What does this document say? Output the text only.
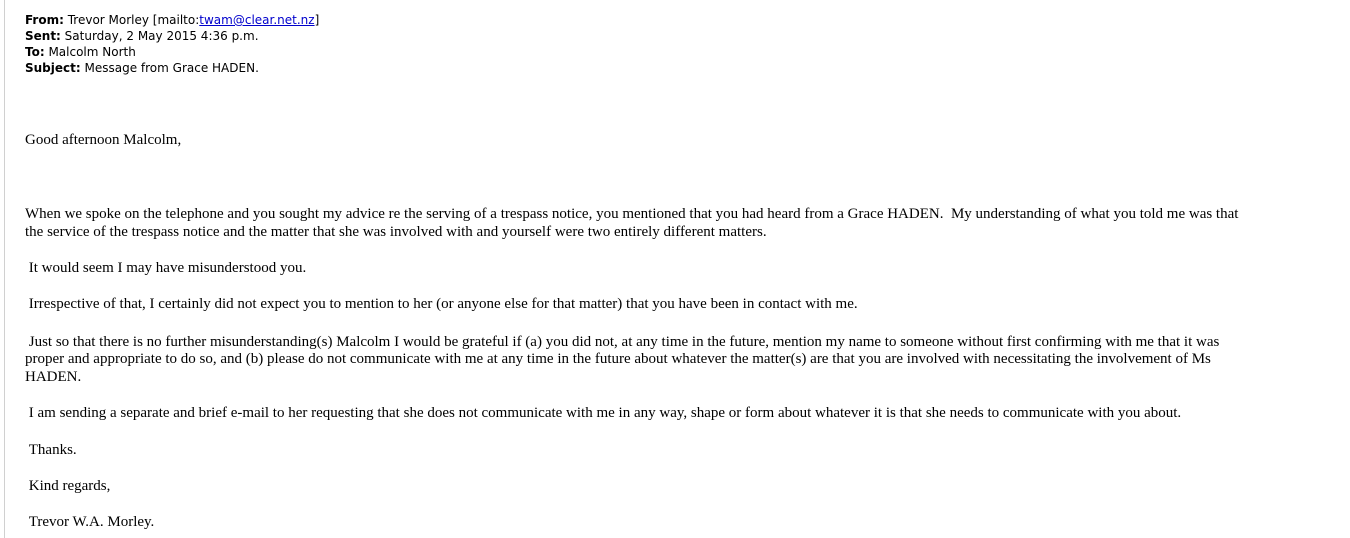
From: Trevor Morley [mailto:twam@clear.net.nz]
Sent: Saturday, 2 May 2015 4:36 p.m.
To: Malcolm North
Subject: Message from Grace HADEN.
Good afternoon Malcolm,
When we spoke on the telephone and you sought my advice re the serving of a trespass notice, you mentioned that you had heard from a Grace HADEN.  My understanding of what you told me was that
the service of the trespass notice and the matter that she was involved with and yourself were two entirely different matters.
It would seem I may have misunderstood you.
Irrespective of that, I certainly did not expect you to mention to her (or anyone else for that matter) that you have been in contact with me.
Just so that there is no further misunderstanding(s) Malcolm I would be grateful if (a) you did not, at any time in the future, mention my name to someone without first confirming with me that it was
proper and appropriate to do so, and (b) please do not communicate with me at any time in the future about whatever the matter(s) are that you are involved with necessitating the involvement of Ms
HADEN.
I am sending a separate and brief e-mail to her requesting that she does not communicate with me in any way, shape or form about whatever it is that she needs to communicate with you about.
Thanks.
Kind regards,
Trevor W.A. Morley.
